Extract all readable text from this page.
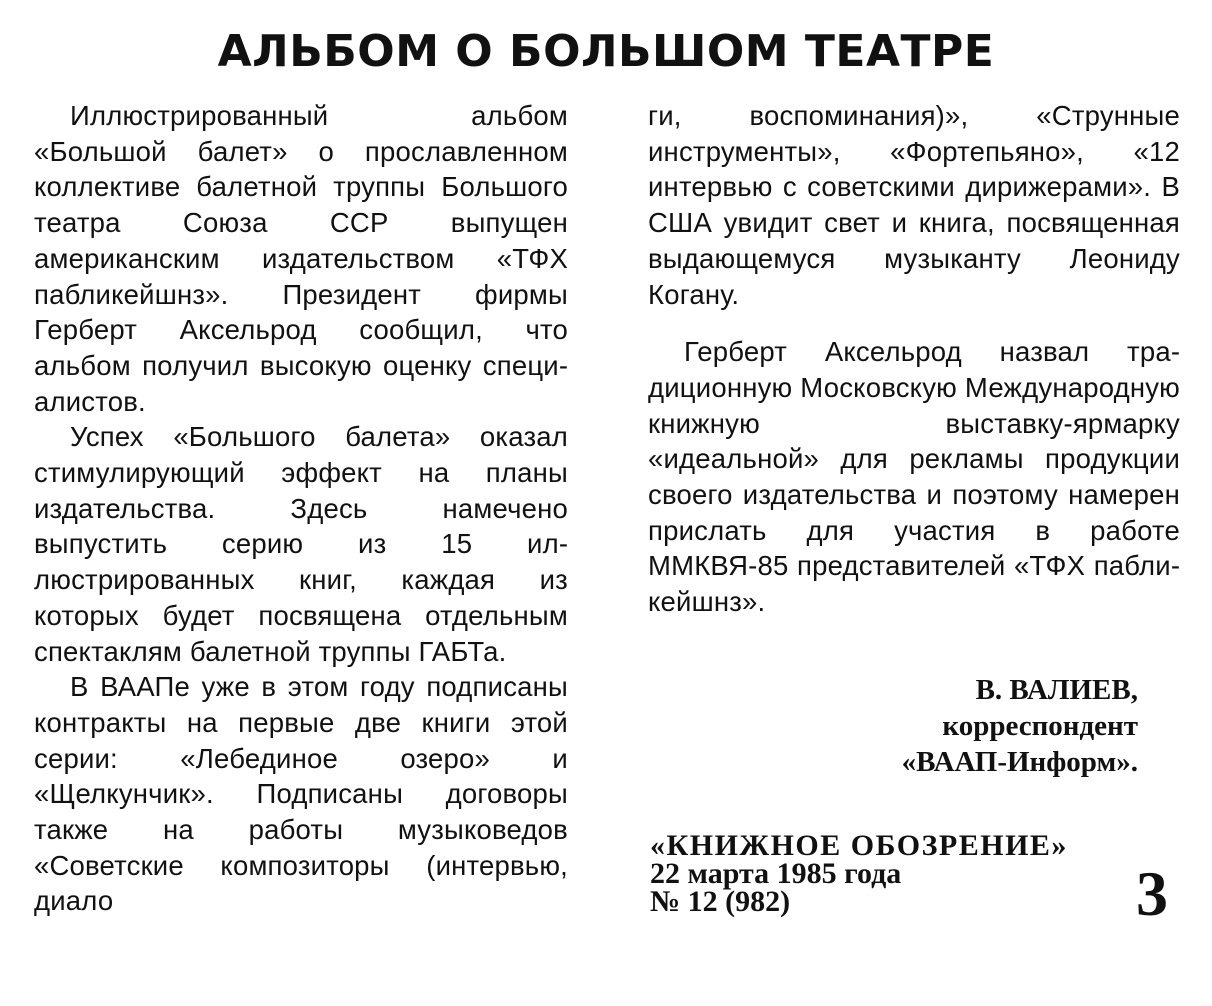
АЛЬБОМ О БОЛЬШОМ ТЕАТРЕ

Иллюстрированный альбом «Большой балет» о прославленном коллективе балетной труппы Большого театра Союза ССР выпущен американским издательством «ТФХ пабликейшнз». Президент фирмы Герберт Аксельрод сообщил, что альбом получил высокую оценку специалистов.

Успех «Большого балета» оказал стимулирующий эффект на планы издательства. Здесь намечено выпустить серию из 15 иллюстрированных книг, каждая из которых будет посвящена отдельным спектаклям балетной труппы ГАБТа.

В ВААПе уже в этом году подписаны контракты на первые две книги этой серии: «Лебединое озеро» и «Щелкунчик». Подписаны договоры также на работы музыковедов «Советские композиторы (интервью, диало

ги, воспоминания)», «Струнные инструменты», «Фортепьяно», «12 интервью с советскими дирижерами». В США увидит свет и книга, посвященная выдающемуся музыканту Леониду Когану.

Герберт Аксельрод назвал традиционную Московскую Международную книжную выставку-ярмарку «идеальной» для рекламы продукции своего издательства и поэтому намерен прислать для участия в работе ММКВЯ-85 представителей «ТФХ пабликейшнз».

В. ВАЛИЕВ,
корреспондент
«ВААП-Информ».
«КНИЖНОЕ ОБОЗРЕНИЕ»
22 марта 1985 года
№ 12 (982)	3
